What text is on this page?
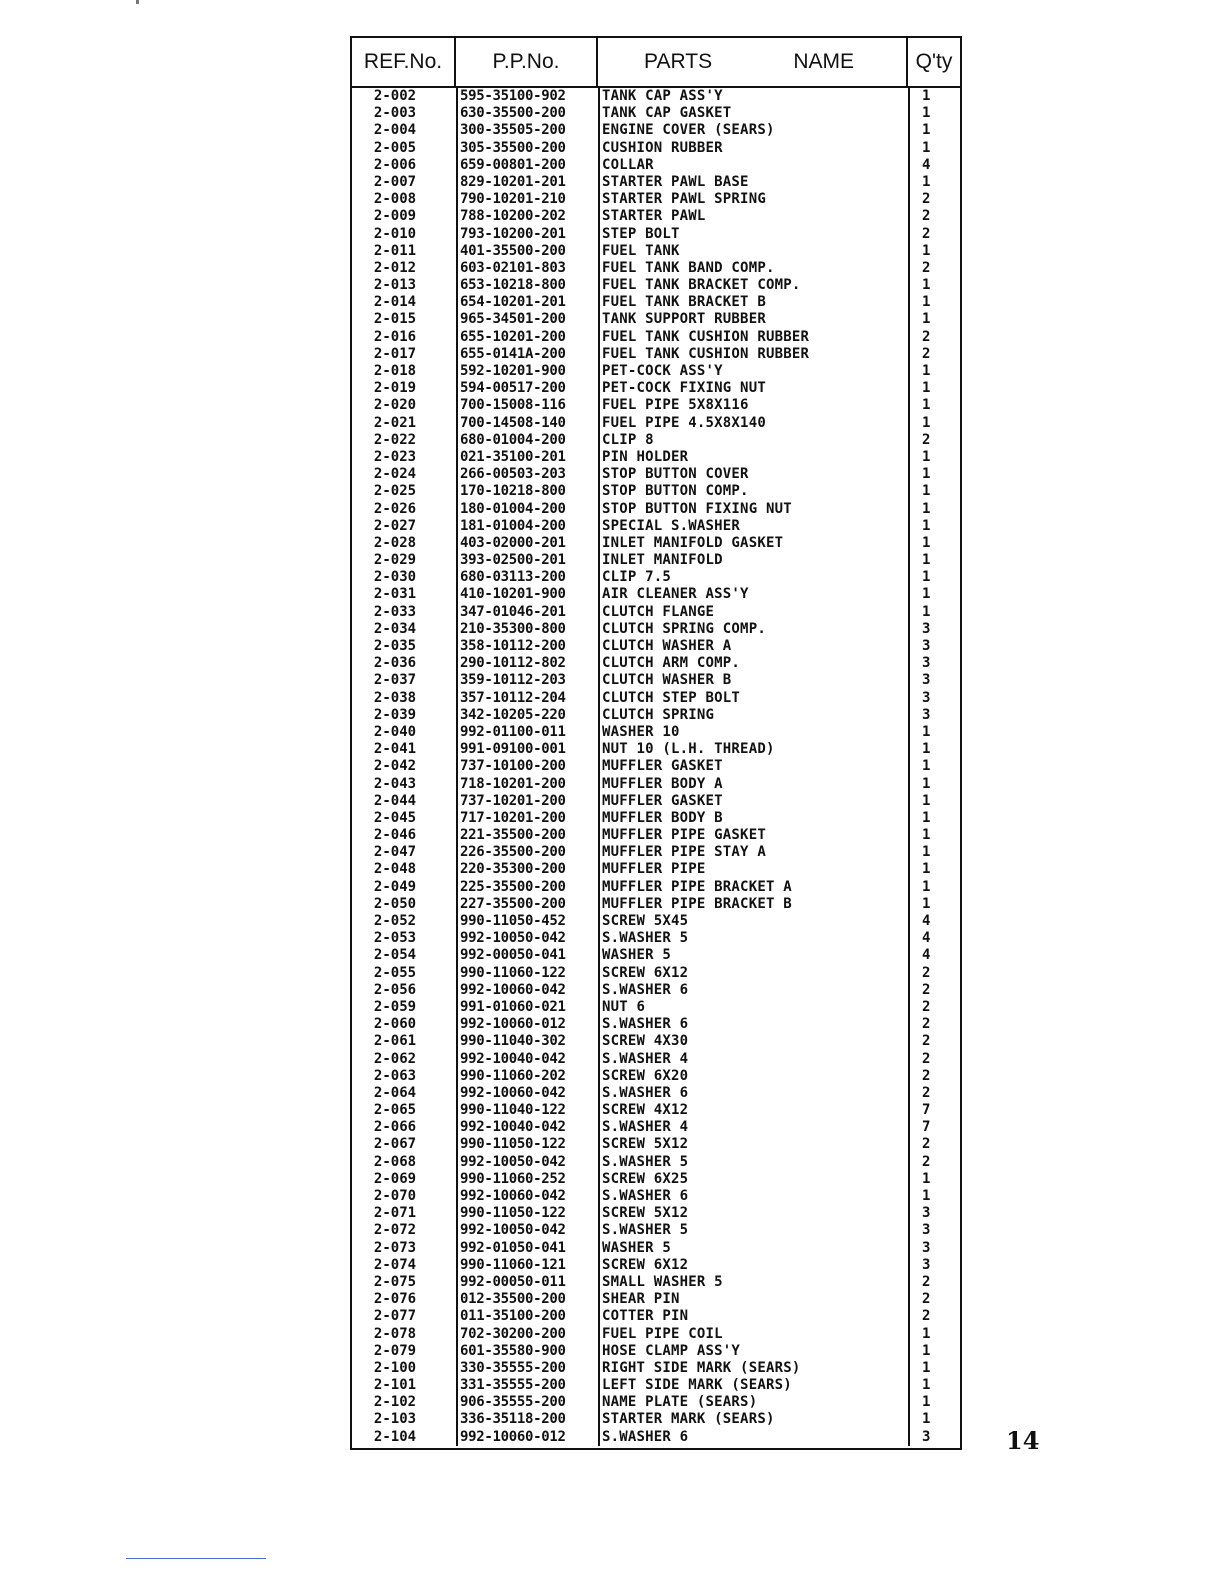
REF.No.	P.P.No.	PARTS	NAME	Q'ty
2-002	595-35100-902	TANK CAP ASS'Y	1
2-003	630-35500-200	TANK CAP GASKET	1
2-004	300-35505-200	ENGINE COVER (SEARS)	1
2-005	305-35500-200	CUSHION RUBBER	1
2-006	659-00801-200	COLLAR	4
2-007	829-10201-201	STARTER PAWL BASE	1
2-008	790-10201-210	STARTER PAWL SPRING	2
2-009	788-10200-202	STARTER PAWL	2
2-010	793-10200-201	STEP BOLT	2
2-011	401-35500-200	FUEL TANK	1
2-012	603-02101-803	FUEL TANK BAND COMP.	2
2-013	653-10218-800	FUEL TANK BRACKET COMP.	1
2-014	654-10201-201	FUEL TANK BRACKET B	1
2-015	965-34501-200	TANK SUPPORT RUBBER	1
2-016	655-10201-200	FUEL TANK CUSHION RUBBER	2
2-017	655-0141A-200	FUEL TANK CUSHION RUBBER	2
2-018	592-10201-900	PET-COCK ASS'Y	1
2-019	594-00517-200	PET-COCK FIXING NUT	1
2-020	700-15008-116	FUEL PIPE 5X8X116	1
2-021	700-14508-140	FUEL PIPE 4.5X8X140	1
2-022	680-01004-200	CLIP 8	2
2-023	021-35100-201	PIN HOLDER	1
2-024	266-00503-203	STOP BUTTON COVER	1
2-025	170-10218-800	STOP BUTTON COMP.	1
2-026	180-01004-200	STOP BUTTON FIXING NUT	1
2-027	181-01004-200	SPECIAL S.WASHER	1
2-028	403-02000-201	INLET MANIFOLD GASKET	1
2-029	393-02500-201	INLET MANIFOLD	1
2-030	680-03113-200	CLIP 7.5	1
2-031	410-10201-900	AIR CLEANER ASS'Y	1
2-033	347-01046-201	CLUTCH FLANGE	1
2-034	210-35300-800	CLUTCH SPRING COMP.	3
2-035	358-10112-200	CLUTCH WASHER A	3
2-036	290-10112-802	CLUTCH ARM COMP.	3
2-037	359-10112-203	CLUTCH WASHER B	3
2-038	357-10112-204	CLUTCH STEP BOLT	3
2-039	342-10205-220	CLUTCH SPRING	3
2-040	992-01100-011	WASHER 10	1
2-041	991-09100-001	NUT 10 (L.H. THREAD)	1
2-042	737-10100-200	MUFFLER GASKET	1
2-043	718-10201-200	MUFFLER BODY A	1
2-044	737-10201-200	MUFFLER GASKET	1
2-045	717-10201-200	MUFFLER BODY B	1
2-046	221-35500-200	MUFFLER PIPE GASKET	1
2-047	226-35500-200	MUFFLER PIPE STAY A	1
2-048	220-35300-200	MUFFLER PIPE	1
2-049	225-35500-200	MUFFLER PIPE BRACKET A	1
2-050	227-35500-200	MUFFLER PIPE BRACKET B	1
2-052	990-11050-452	SCREW 5X45	4
2-053	992-10050-042	S.WASHER 5	4
2-054	992-00050-041	WASHER 5	4
2-055	990-11060-122	SCREW 6X12	2
2-056	992-10060-042	S.WASHER 6	2
2-059	991-01060-021	NUT 6	2
2-060	992-10060-012	S.WASHER 6	2
2-061	990-11040-302	SCREW 4X30	2
2-062	992-10040-042	S.WASHER 4	2
2-063	990-11060-202	SCREW 6X20	2
2-064	992-10060-042	S.WASHER 6	2
2-065	990-11040-122	SCREW 4X12	7
2-066	992-10040-042	S.WASHER 4	7
2-067	990-11050-122	SCREW 5X12	2
2-068	992-10050-042	S.WASHER 5	2
2-069	990-11060-252	SCREW 6X25	1
2-070	992-10060-042	S.WASHER 6	1
2-071	990-11050-122	SCREW 5X12	3
2-072	992-10050-042	S.WASHER 5	3
2-073	992-01050-041	WASHER 5	3
2-074	990-11060-121	SCREW 6X12	3
2-075	992-00050-011	SMALL WASHER 5	2
2-076	012-35500-200	SHEAR PIN	2
2-077	011-35100-200	COTTER PIN	2
2-078	702-30200-200	FUEL PIPE COIL	1
2-079	601-35580-900	HOSE CLAMP ASS'Y	1
2-100	330-35555-200	RIGHT SIDE MARK (SEARS)	1
2-101	331-35555-200	LEFT SIDE MARK (SEARS)	1
2-102	906-35555-200	NAME PLATE (SEARS)	1
2-103	336-35118-200	STARTER MARK (SEARS)	1
2-104	992-10060-012	S.WASHER 6	3	14
